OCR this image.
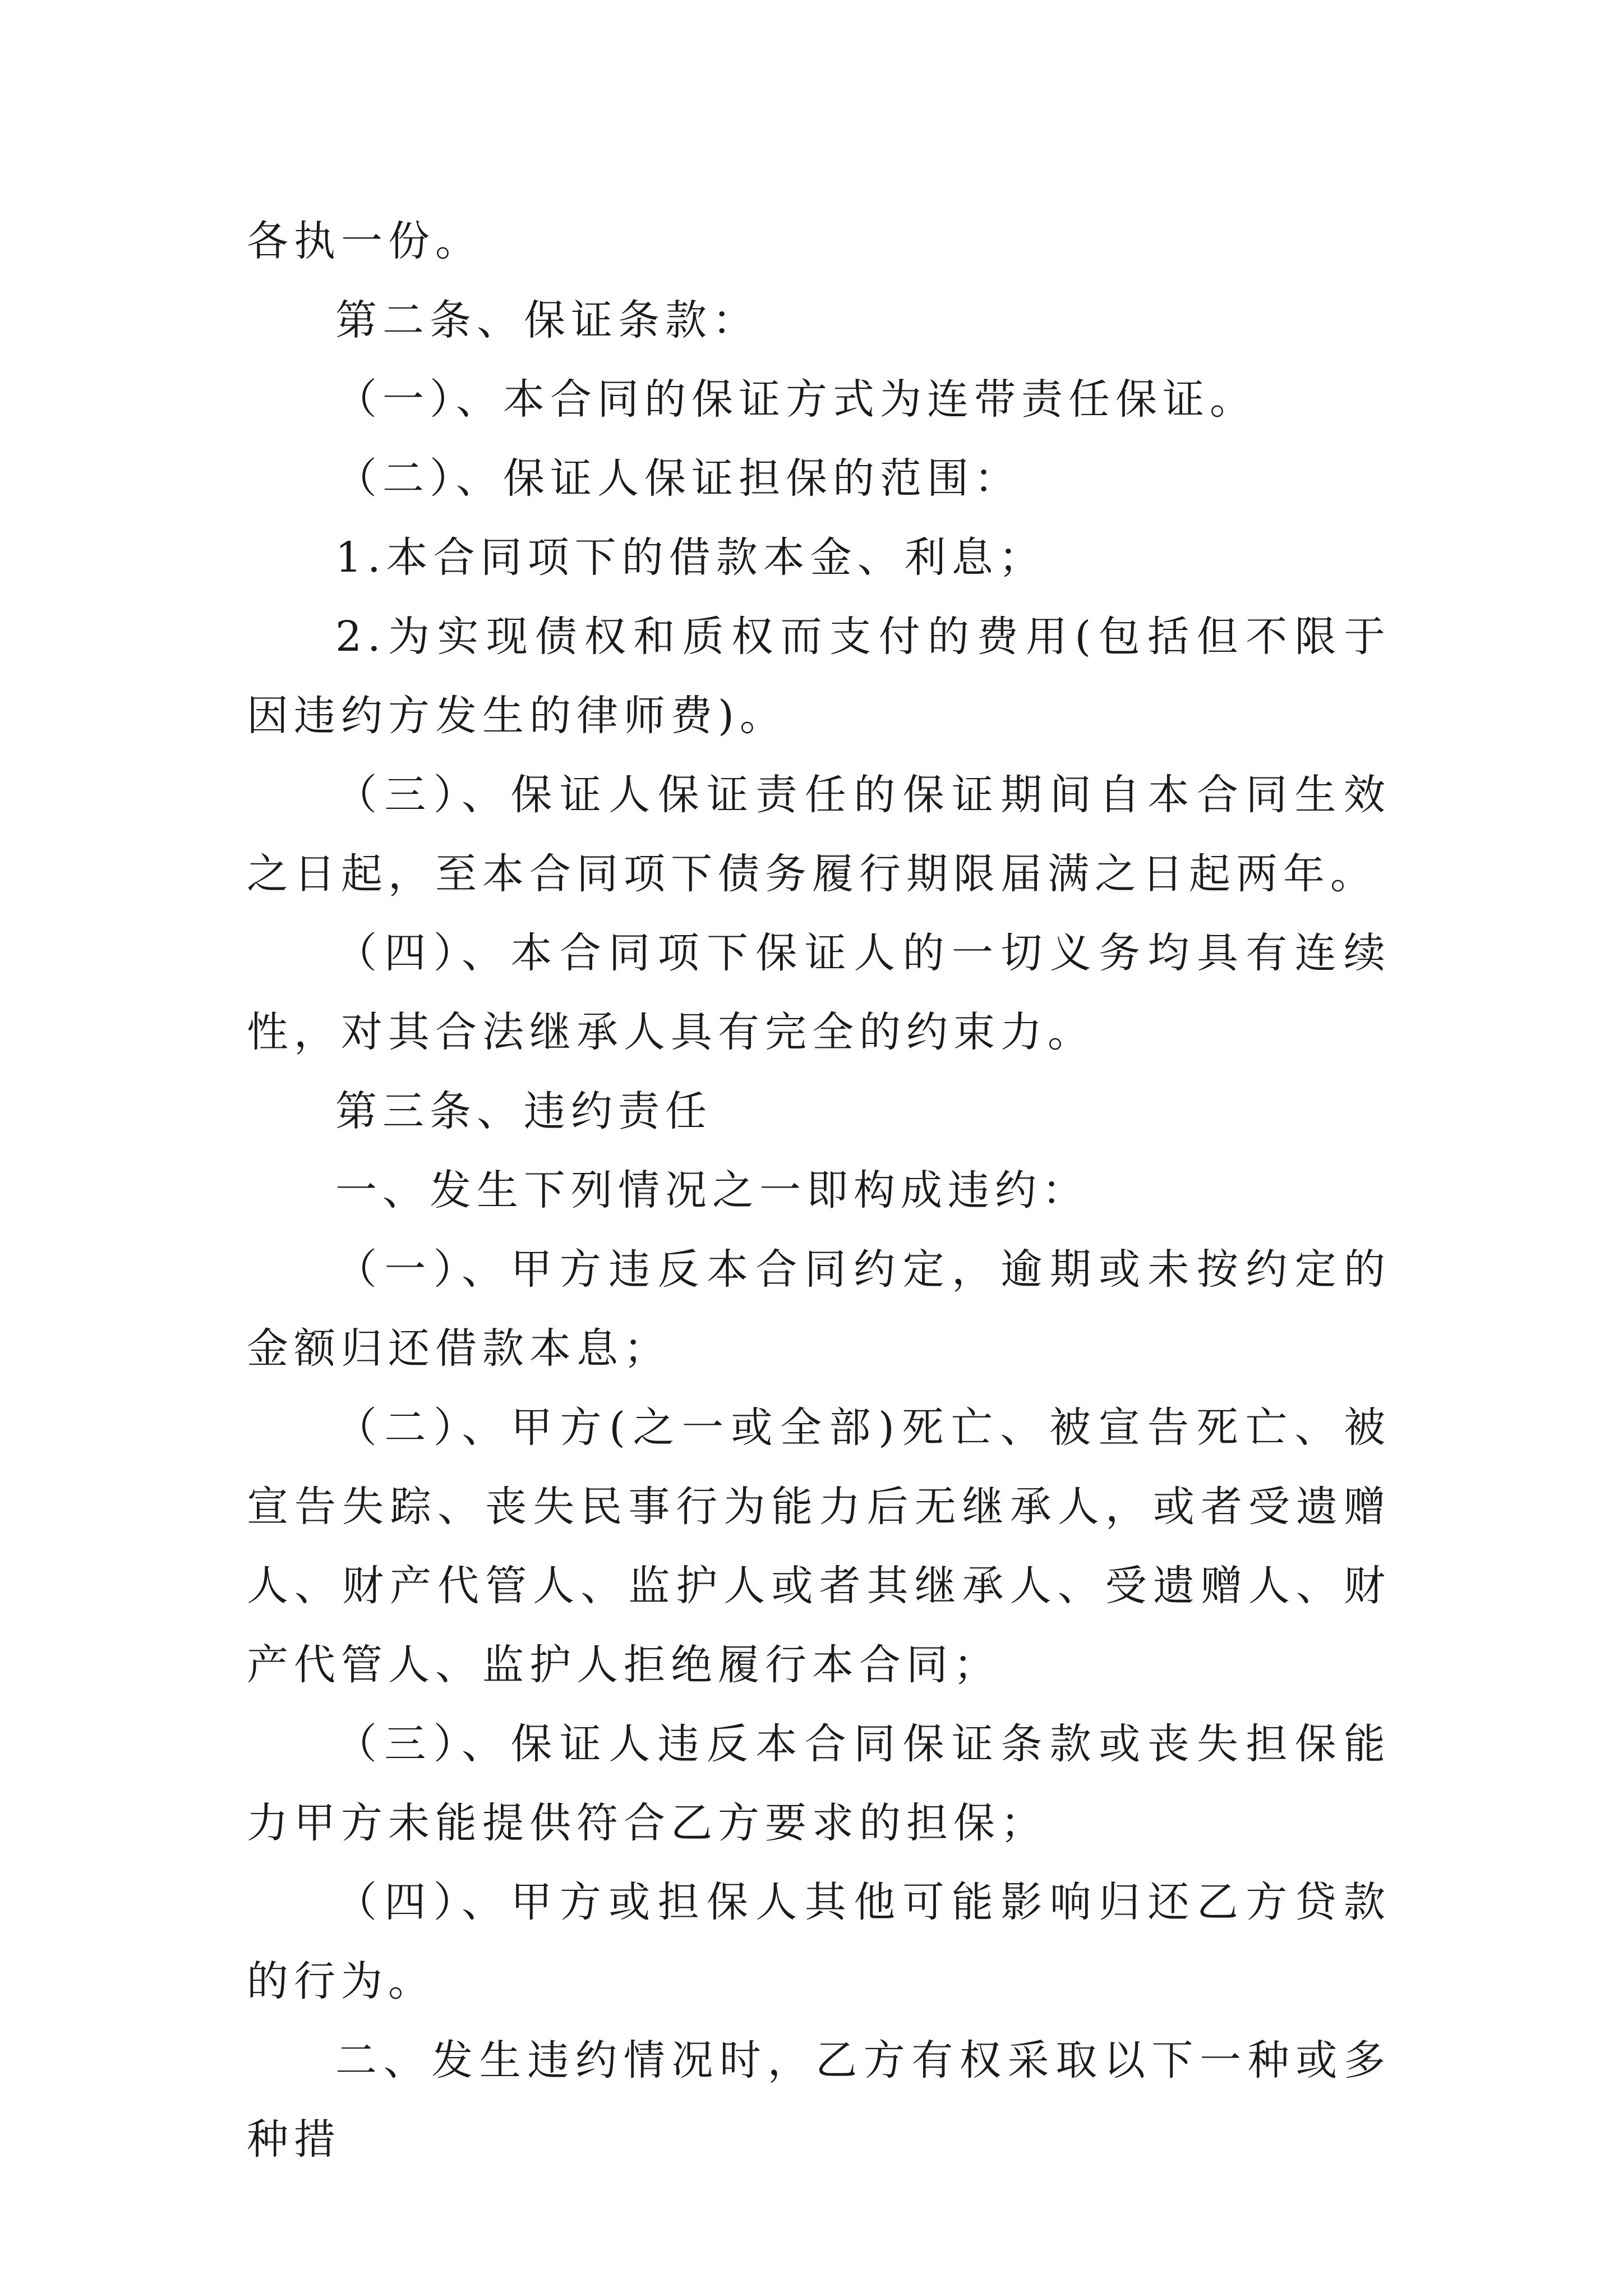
各执一份。

第二条、保证条款：

（一）、本合同的保证方式为连带责任保证。

（二）、保证人保证担保的范围：

1.本合同项下的借款本金、利息；

2.为实现债权和质权而支付的费用(包括但不限于因违约方发生的律师费)。

（三）、保证人保证责任的保证期间自本合同生效之日起，至本合同项下债务履行期限届满之日起两年。

（四）、本合同项下保证人的一切义务均具有连续性，对其合法继承人具有完全的约束力。

第三条、违约责任

一、发生下列情况之一即构成违约：

（一）、甲方违反本合同约定，逾期或未按约定的金额归还借款本息；

（二）、甲方(之一或全部)死亡、被宣告死亡、被宣告失踪、丧失民事行为能力后无继承人，或者受遗赠人、财产代管人、监护人或者其继承人、受遗赠人、财产代管人、监护人拒绝履行本合同；

（三）、保证人违反本合同保证条款或丧失担保能力甲方未能提供符合乙方要求的担保；

（四）、甲方或担保人其他可能影响归还乙方贷款的行为。

二、发生违约情况时，乙方有权采取以下一种或多种措
